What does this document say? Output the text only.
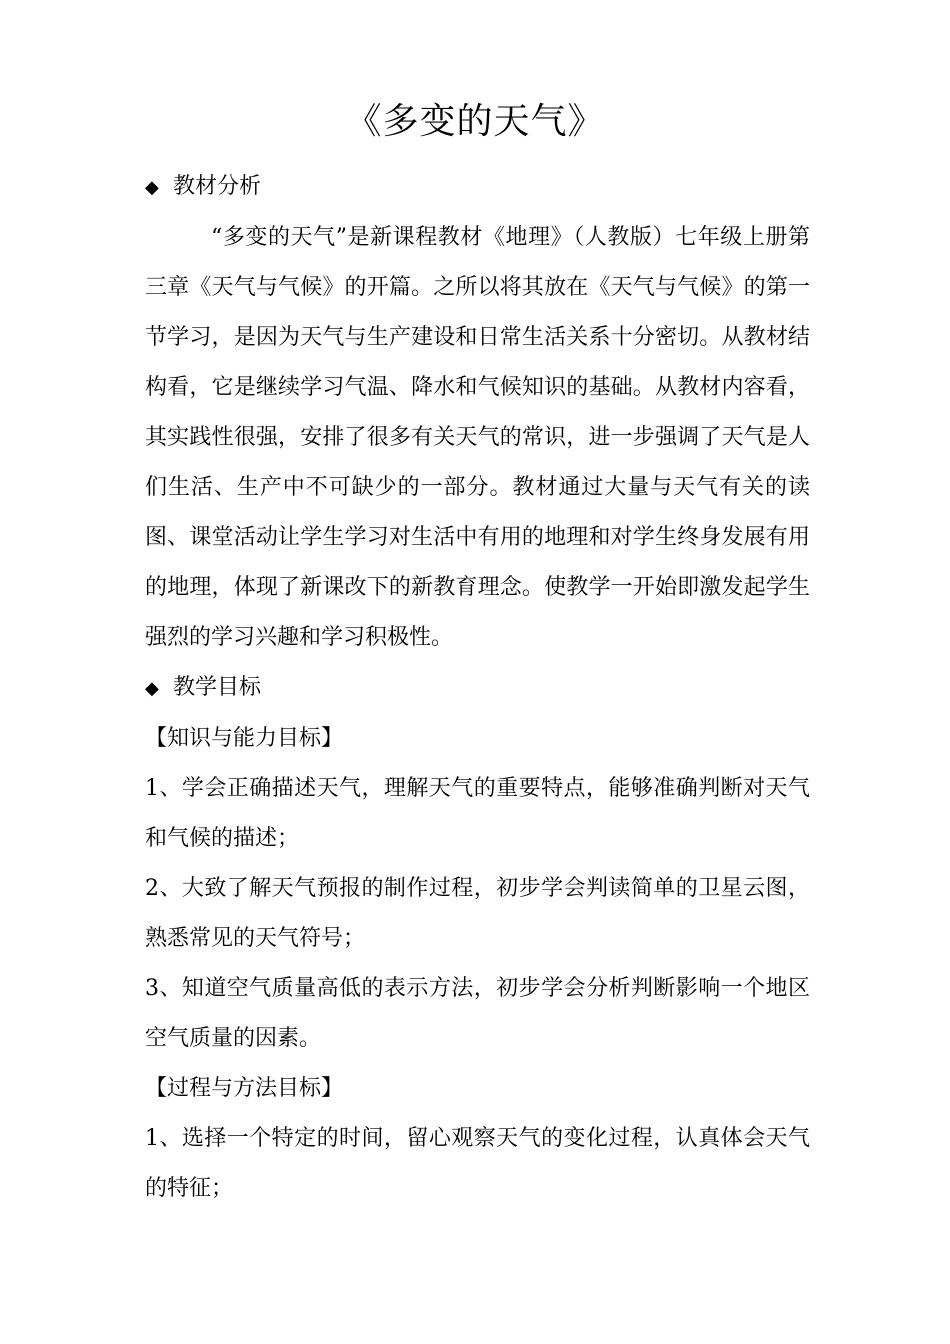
《多变的天气》

◆ 教材分析

“多变的天气”是新课程教材《地理》（人教版）七年级上册第三章《天气与气候》的开篇。之所以将其放在《天气与气候》的第一节学习，是因为天气与生产建设和日常生活关系十分密切。从教材结构看，它是继续学习气温、降水和气候知识的基础。从教材内容看，其实践性很强，安排了很多有关天气的常识，进一步强调了天气是人们生活、生产中不可缺少的一部分。教材通过大量与天气有关的读图、课堂活动让学生学习对生活中有用的地理和对学生终身发展有用的地理，体现了新课改下的新教育理念。使教学一开始即激发起学生强烈的学习兴趣和学习积极性。

◆ 教学目标

【知识与能力目标】

1、学会正确描述天气，理解天气的重要特点，能够准确判断对天气和气候的描述；

2、大致了解天气预报的制作过程，初步学会判读简单的卫星云图，熟悉常见的天气符号；

3、知道空气质量高低的表示方法，初步学会分析判断影响一个地区空气质量的因素。

【过程与方法目标】

1、选择一个特定的时间，留心观察天气的变化过程，认真体会天气的特征；
